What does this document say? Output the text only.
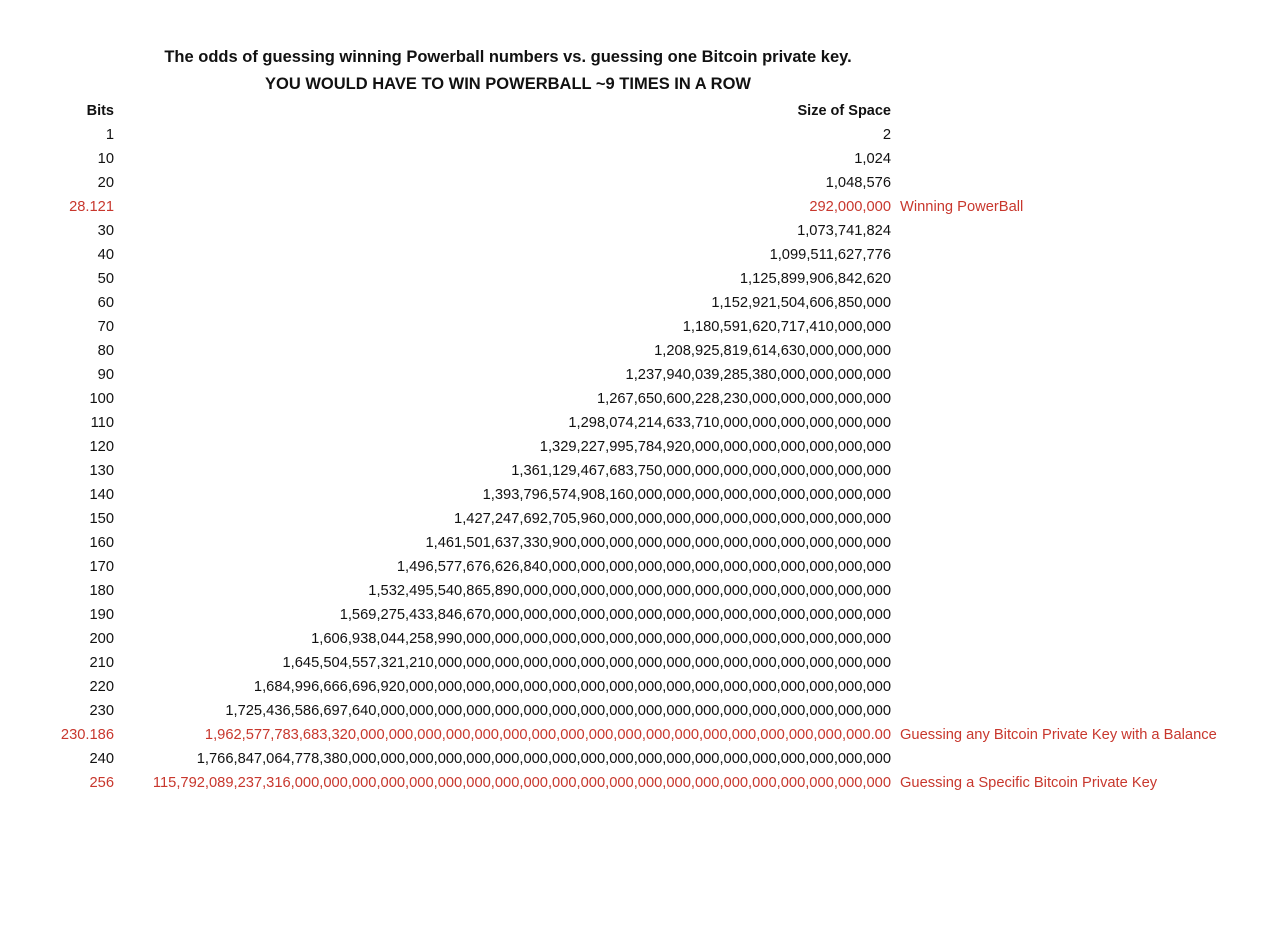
The odds of guessing winning Powerball numbers vs. guessing one Bitcoin private key.
YOU WOULD HAVE TO WIN POWERBALL ~9 TIMES IN A ROW
Bits	Size of Space
1	2
10	1,024
20	1,048,576
28.121	292,000,000 Winning PowerBall
30	1,073,741,824
40	1,099,511,627,776
50	1,125,899,906,842,620
60	1,152,921,504,606,850,000
70	1,180,591,620,717,410,000,000
80	1,208,925,819,614,630,000,000,000
90	1,237,940,039,285,380,000,000,000,000
100	1,267,650,600,228,230,000,000,000,000,000
110	1,298,074,214,633,710,000,000,000,000,000,000
120	1,329,227,995,784,920,000,000,000,000,000,000,000
130	1,361,129,467,683,750,000,000,000,000,000,000,000,000
140	1,393,796,574,908,160,000,000,000,000,000,000,000,000,000
150	1,427,247,692,705,960,000,000,000,000,000,000,000,000,000,000
160	1,461,501,637,330,900,000,000,000,000,000,000,000,000,000,000,000
170	1,496,577,676,626,840,000,000,000,000,000,000,000,000,000,000,000,000
180	1,532,495,540,865,890,000,000,000,000,000,000,000,000,000,000,000,000,000
190	1,569,275,433,846,670,000,000,000,000,000,000,000,000,000,000,000,000,000,000
200	1,606,938,044,258,990,000,000,000,000,000,000,000,000,000,000,000,000,000,000,000
210	1,645,504,557,321,210,000,000,000,000,000,000,000,000,000,000,000,000,000,000,000,000
220	1,684,996,666,696,920,000,000,000,000,000,000,000,000,000,000,000,000,000,000,000,000,000
230	1,725,436,586,697,640,000,000,000,000,000,000,000,000,000,000,000,000,000,000,000,000,000,000
230.186	1,962,577,783,683,320,000,000,000,000,000,000,000,000,000,000,000,000,000,000,000,000,000,000.00 Guessing any Bitcoin Private Key with a Balance
240	1,766,847,064,778,380,000,000,000,000,000,000,000,000,000,000,000,000,000,000,000,000,000,000,000
256	115,792,089,237,316,000,000,000,000,000,000,000,000,000,000,000,000,000,000,000,000,000,000,000,000,000 Guessing a Specific Bitcoin Private Key
